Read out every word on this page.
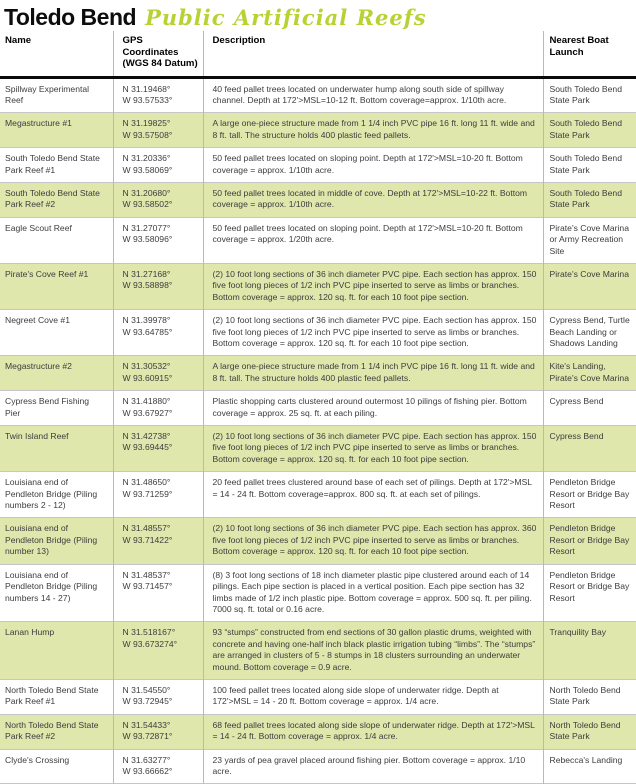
Toledo Bend Public Artificial Reefs
Name	GPS Coordinates (WGS 84 Datum)	Description	Nearest Boat Launch
Spillway Experimental Reef	N 31.19468°
W 93.57533°	40 feed pallet trees located on underwater hump along south side of spillway channel. Depth at 172'>MSL=10-12 ft. Bottom coverage=approx. 1/10th acre.	South Toledo Bend State Park
Megastructure #1	N 31.19825°
W 93.57508°	A large one-piece structure made from 1 1/4 inch PVC pipe 16 ft. long 11 ft. wide and 8 ft. tall. The structure holds 400 plastic feed pallets.	South Toledo Bend State Park
South Toledo Bend State Park Reef #1	N 31.20336°
W 93.58069°	50 feed pallet trees located on sloping point. Depth at 172'>MSL=10-20 ft. Bottom coverage = approx. 1/10th acre.	South Toledo Bend State Park
South Toledo Bend State Park Reef #2	N 31.20680°
W 93.58502°	50 feed pallet trees located in middle of cove. Depth at 172'>MSL=10-22 ft. Bottom coverage = approx. 1/10th acre.	South Toledo Bend State Park
Eagle Scout Reef	N 31.27077°
W 93.58096°	50 feed pallet trees located on sloping point. Depth at 172'>MSL=10-20 ft. Bottom coverage = approx. 1/20th acre.	Pirate's Cove Marina or Army Recreation Site
Pirate's Cove Reef #1	N 31.27168°
W 93.58898°	(2) 10 foot long sections of 36 inch diameter PVC pipe. Each section has approx. 150 five foot long pieces of 1/2 inch PVC pipe inserted to serve as limbs or branches. Bottom coverage = approx. 120 sq. ft. for each 10 foot pipe section.	Pirate's Cove Marina
Negreet Cove #1	N 31.39978°
W 93.64785°	(2) 10 foot long sections of 36 inch diameter PVC pipe. Each section has approx. 150 five foot long pieces of 1/2 inch PVC pipe inserted to serve as limbs or branches. Bottom coverage = approx. 120 sq. ft. for each 10 foot pipe section.	Cypress Bend, Turtle Beach Landing or Shadows Landing
Megastructure #2	N 31.30532°
W 93.60915°	A large one-piece structure made from 1 1/4 inch PVC pipe 16 ft. long 11 ft. wide and 8 ft. tall. The structure holds 400 plastic feed pallets.	Kite's Landing, Pirate's Cove Marina
Cypress Bend Fishing Pier	N 31.41880°
W 93.67927°	Plastic shopping carts clustered around outermost 10 pilings of fishing pier. Bottom coverage = approx. 25 sq. ft. at each piling.	Cypress Bend
Twin Island Reef	N 31.42738°
W 93.69445°	(2) 10 foot long sections of 36 inch diameter PVC pipe. Each section has approx. 150 five foot long pieces of 1/2 inch PVC pipe inserted to serve as limbs or branches. Bottom coverage = approx. 120 sq. ft. for each 10 foot pipe section.	Cypress Bend
Louisiana end of Pendleton Bridge (Piling numbers 2 - 12)	N 31.48650°
W 93.71259°	20 feed pallet trees clustered around base of each set of pilings. Depth at 172'>MSL = 14 - 24 ft. Bottom coverage=approx. 800 sq. ft. at each set of pilings.	Pendleton Bridge Resort or Bridge Bay Resort
Louisiana end of Pendleton Bridge (Piling number 13)	N 31.48557°
W 93.71422°	(2) 10 foot long sections of 36 inch diameter PVC pipe. Each section has approx. 360 five foot long pieces of 1/2 inch PVC pipe inserted to serve as limbs or branches. Bottom coverage = approx. 120 sq. ft. for each 10 foot pipe section.	Pendleton Bridge Resort or Bridge Bay Resort
Louisiana end of Pendleton Bridge (Piling numbers 14 - 27)	N 31.48537°
W 93.71457°	(8) 3 foot long sections of 18 inch diameter plastic pipe clustered around each of 14 pilings. Each pipe section is placed in a vertical position. Each pipe section has 32 limbs made of 1/2 inch plastic pipe. Bottom coverage = approx. 500 sq. ft. per piling. 7000 sq. ft. total or 0.16 acre.	Pendleton Bridge Resort or Bridge Bay Resort
Lanan Hump	N 31.518167°
W 93.673274°	93 “stumps” constructed from end sections of 30 gallon plastic drums, weighted with concrete and having one-half inch black plastic irrigation tubing “limbs”. The “stumps” are arranged in clusters of 5 - 8 stumps in 18 clusters surrounding an underwater mound. Bottom coverage = 0.9 acre.	Tranquility Bay
North Toledo Bend State Park Reef #1	N 31.54550°
W 93.72945°	100 feed pallet trees located along side slope of underwater ridge. Depth at 172'>MSL = 14 - 20 ft. Bottom coverage = approx. 1/4 acre.	North Toledo Bend State Park
North Toledo Bend State Park Reef #2	N 31.54433°
W 93.72871°	68 feed pallet trees located along side slope of underwater ridge. Depth at 172'>MSL = 14 - 24 ft. Bottom coverage = approx. 1/4 acre.	North Toledo Bend State Park
Clyde's Crossing	N 31.63277°
W 93.66662°	23 yards of pea gravel placed around fishing pier. Bottom coverage = approx. 1/10 acre.	Rebecca's Landing
